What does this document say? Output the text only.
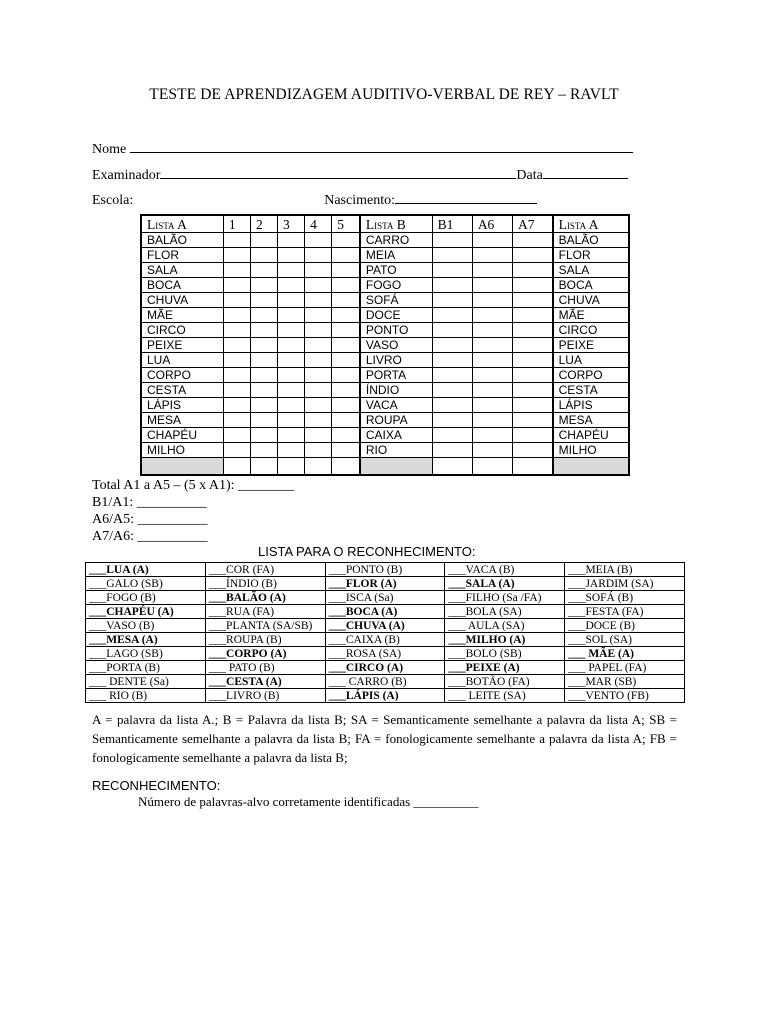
TESTE DE APRENDIZAGEM AUDITIVO-VERBAL DE REY – RAVLT
Nome
Examinador	Data
Escola:	Nascimento:
Lista A	1	2	3	4	5	Lista B	B1	A6	A7	Lista A
BALÃO						CARRO				BALÃO
FLOR						MEIA				FLOR
SALA						PATO				SALA
BOCA						FOGO				BOCA
CHUVA						SOFÁ				CHUVA
MÃE						DOCE				MÃE
CIRCO						PONTO				CIRCO
PEIXE						VASO				PEIXE
LUA						LIVRO				LUA
CORPO						PORTA				CORPO
CESTA						ÍNDIO				CESTA
LÁPIS						VACA				LÁPIS
MESA						ROUPA				MESA
CHAPÉU						CAIXA				CHAPÉU
MILHO						RIO				MILHO

Total A1 a A5 – (5 x A1): ________
B1/A1: __________
A6/A5: __________
A7/A6: __________
LISTA PARA O RECONHECIMENTO:
___LUA (A)	___COR (FA)	___PONTO (B)	___VACA (B)	___MEIA (B)
___GALO (SB)	___ÍNDIO (B)	___FLOR (A)	___SALA (A)	___JARDIM (SA)
___FOGO (B)	___BALÃO (A)	___ISCA (Sa)	___FILHO (Sa /FA)	___SOFÁ (B)
___CHAPÉU (A)	___RUA (FA)	___BOCA (A)	___BOLA (SA)	___FESTA (FA)
___VASO (B)	___PLANTA (SA/SB)	___CHUVA (A)	___ AULA (SA)	___DOCE (B)
___MESA (A)	___ROUPA (B)	___CAIXA (B)	___MILHO (A)	___SOL (SA)
___LAGO (SB)	___CORPO (A)	___ROSA (SA)	___BOLO (SB)	___ MÃE (A)
___PORTA (B)	___ PATO (B)	___CIRCO (A)	___PEIXE (A)	___ PAPEL (FA)
___ DENTE (Sa)	___CESTA (A)	___ CARRO (B)	___BOTÃO (FA)	___MAR (SB)
___ RIO (B)	___LIVRO (B)	___LÁPIS (A)	___ LEITE (SA)	___VENTO (FB)
A = palavra da lista A.; B = Palavra da lista B; SA = Semanticamente semelhante a palavra da lista A; SB = Semanticamente semelhante a palavra da lista B; FA = fonologicamente semelhante a palavra da lista A; FB = fonologicamente semelhante a palavra da lista B;
RECONHECIMENTO:
Número de palavras-alvo corretamente identificadas __________
